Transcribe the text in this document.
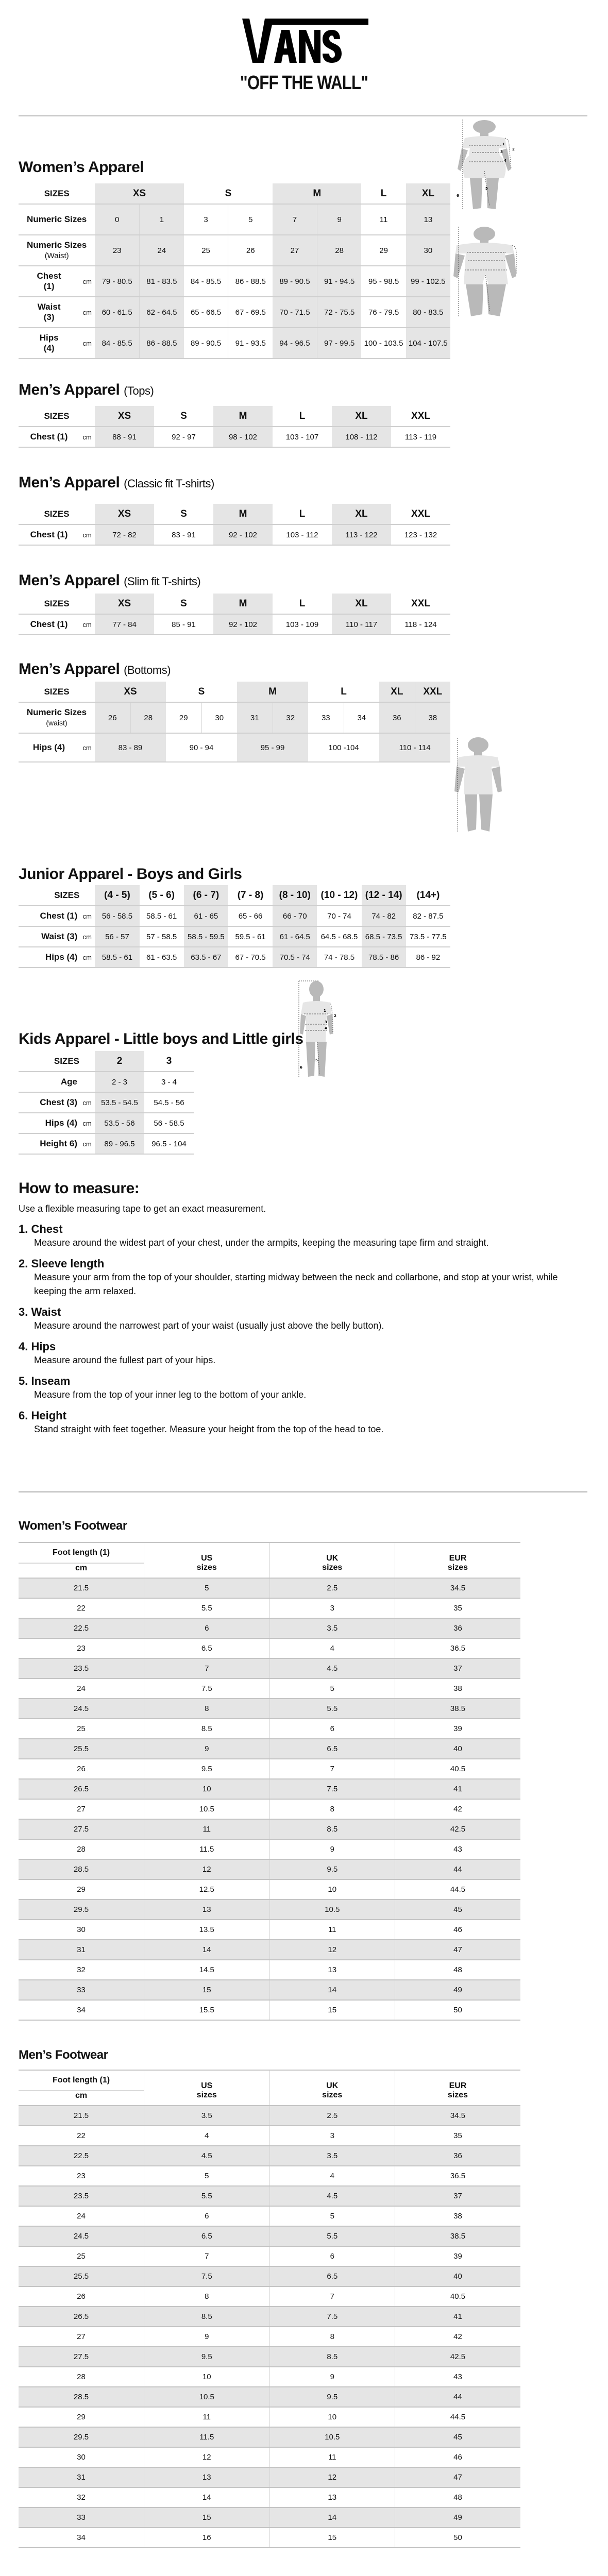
"OFF THE WALL"
Women’s Apparel
SIZES		XS		S		M		L	XL
Numeric Sizes		0	1	3	5	7	9	11	13
Numeric Sizes
(Waist)		23	24	25	26	27	28	29	30
Chest
(1)	cm	79 - 80.5	81 - 83.5	84 - 85.5	86 - 88.5	89 - 90.5	91 - 94.5	95 - 98.5	99 - 102.5
Waist
(3)	cm	60 - 61.5	62 - 64.5	65 - 66.5	67 - 69.5	70 - 71.5	72 - 75.5	76 - 79.5	80 - 83.5
Hips
(4)	cm	84 - 85.5	86 - 88.5	89 - 90.5	91 - 93.5	94 - 96.5	97 - 99.5	100 - 103.5	104 - 107.5
1
2
3
4
5
6
Men’s Apparel (Tops)
SIZES		XS	S	M	L	XL	XXL
Chest (1)	cm	88 - 91	92 - 97	98 - 102	103 - 107	108 - 112	113 - 119
Men’s Apparel (Classic fit T-shirts)
SIZES		XS	S	M	L	XL	XXL
Chest (1)	cm	72 - 82	83 - 91	92 - 102	103 - 112	113 - 122	123 - 132
Men’s Apparel (Slim fit T-shirts)
SIZES		XS	S	M	L	XL	XXL
Chest (1)	cm	77 - 84	85 - 91	92 - 102	103 - 109	110 - 117	118 - 124
Men’s Apparel (Bottoms)
SIZES		XS		S		M		L		XL	XXL
Numeric Sizes
(waist)		26	28	29	30	31	32	33	34	36	38
Hips (4)	cm	83 - 89		90 - 94		95 - 99		100 -104		110 - 114	
Junior Apparel - Boys and Girls
SIZES		(4 - 5)	(5 - 6)	(6 - 7)	(7 - 8)	(8 - 10)	(10 - 12)	(12 - 14)	(14+)
Chest (1)	cm	56 - 58.5	58.5 - 61	61 - 65	65 - 66	66 - 70	70 - 74	74 - 82	82 - 87.5
Waist (3)	cm	56 - 57	57 - 58.5	58.5 - 59.5	59.5 - 61	61 - 64.5	64.5 - 68.5	68.5 - 73.5	73.5 - 77.5
Hips (4)	cm	58.5 - 61	61 - 63.5	63.5 - 67	67 - 70.5	70.5 - 74	74 - 78.5	78.5 - 86	86 - 92
1
2
3
4
5
6
Kids Apparel - Little boys and Little girls
SIZES		2	3
Age		2 - 3	3 - 4
Chest (3)	cm	53.5 - 54.5	54.5 - 56
Hips (4)	cm	53.5 - 56	56 - 58.5
Height 6)	cm	89 - 96.5	96.5 - 104
How to measure:
Use a flexible measuring tape to get an exact measurement.
1. Chest
Measure around the widest part of your chest, under the armpits, keeping the measuring tape firm and straight.
2. Sleeve length
Measure your arm from the top of your shoulder, starting midway between the neck and collarbone, and stop at your wrist, while keeping the arm relaxed.
3. Waist
Measure around the narrowest part of your waist (usually just above the belly button).
4. Hips
Measure around the fullest part of your hips.
5. Inseam
Measure from the top of your inner leg to the bottom of your ankle.
6. Height
Stand straight with feet together. Measure your height from the top of the head to toe.
Women’s Footwear
Foot length (1)	US	UK	EUR
cm	sizes	sizes	sizes
21.5	5	2.5	34.5
22	5.5	3	35
22.5	6	3.5	36
23	6.5	4	36.5
23.5	7	4.5	37
24	7.5	5	38
24.5	8	5.5	38.5
25	8.5	6	39
25.5	9	6.5	40
26	9.5	7	40.5
26.5	10	7.5	41
27	10.5	8	42
27.5	11	8.5	42.5
28	11.5	9	43
28.5	12	9.5	44
29	12.5	10	44.5
29.5	13	10.5	45
30	13.5	11	46
31	14	12	47
32	14.5	13	48
33	15	14	49
34	15.5	15	50
Men’s Footwear
Foot length (1)	US	UK	EUR
cm	sizes	sizes	sizes
21.5	3.5	2.5	34.5
22	4	3	35
22.5	4.5	3.5	36
23	5	4	36.5
23.5	5.5	4.5	37
24	6	5	38
24.5	6.5	5.5	38.5
25	7	6	39
25.5	7.5	6.5	40
26	8	7	40.5
26.5	8.5	7.5	41
27	9	8	42
27.5	9.5	8.5	42.5
28	10	9	43
28.5	10.5	9.5	44
29	11	10	44.5
29.5	11.5	10.5	45
30	12	11	46
31	13	12	47
32	14	13	48
33	15	14	49
34	16	15	50
